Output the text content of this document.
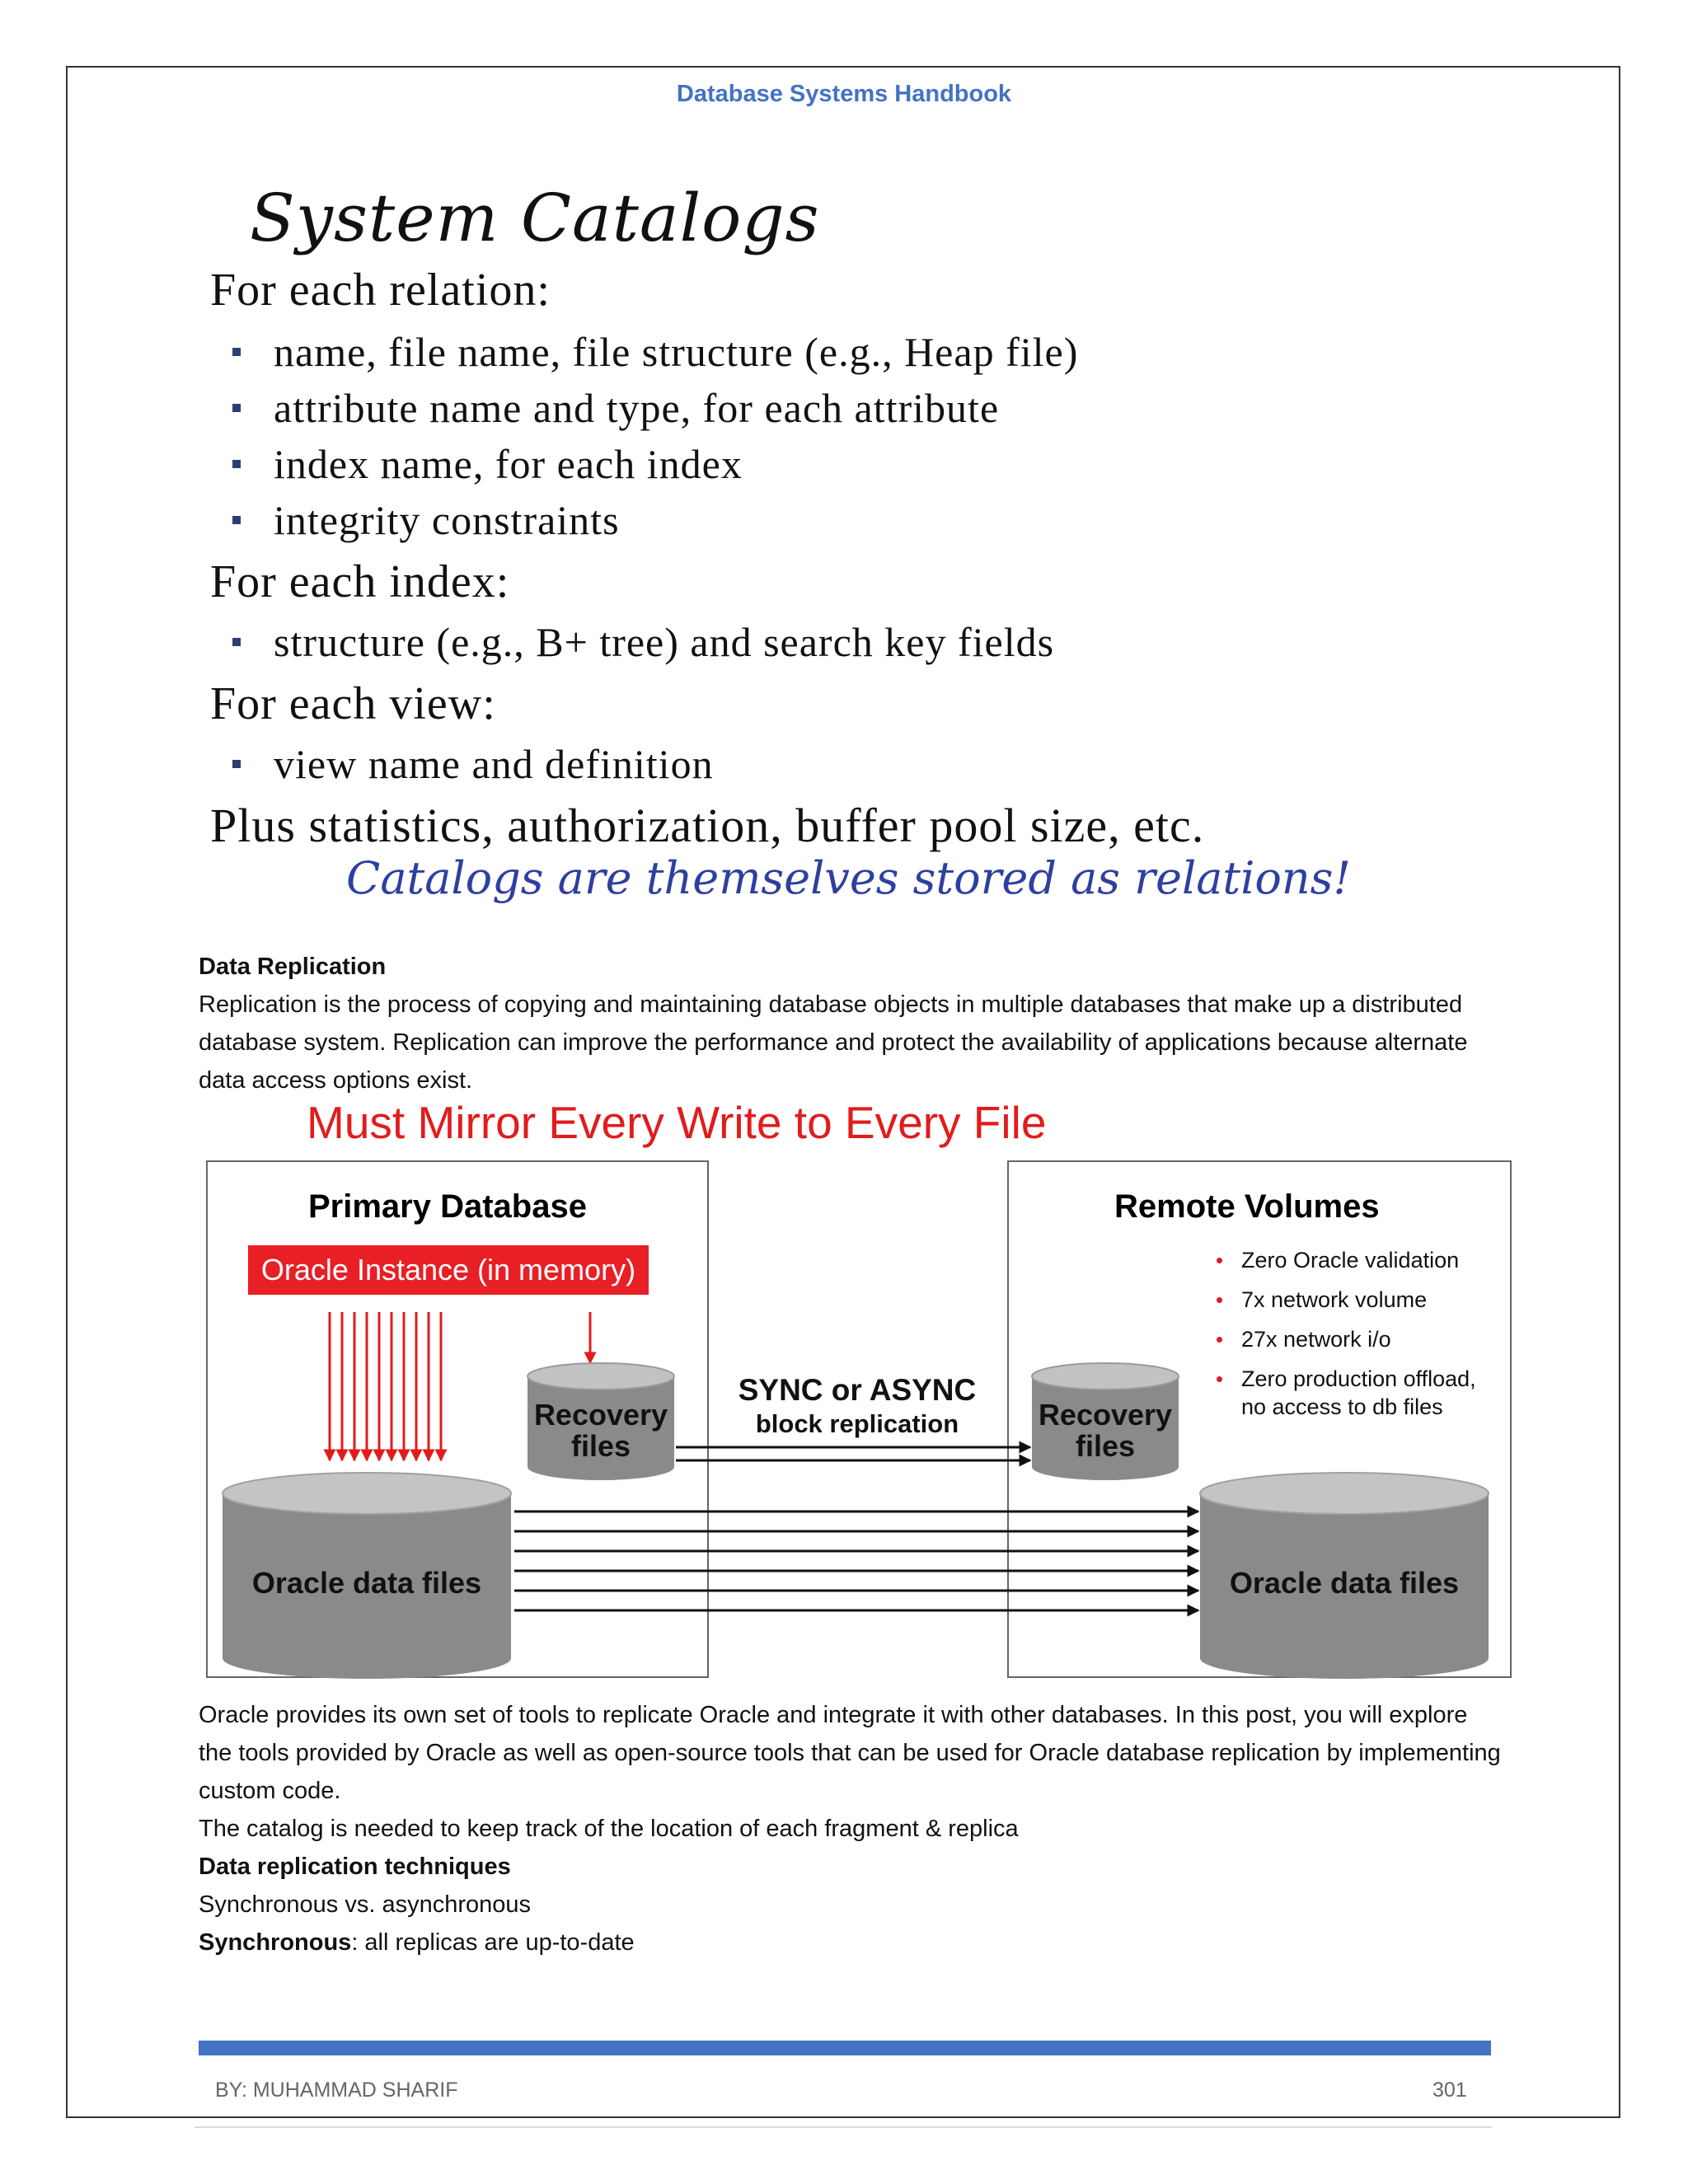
Database Systems Handbook
System Catalogs
For each relation:
name, file name, file structure (e.g., Heap file)
attribute name and type, for each attribute
index name, for each index
integrity constraints
For each index:
structure (e.g., B+ tree) and search key fields
For each view:
view name and definition
Plus statistics, authorization, buffer pool size, etc.
Catalogs are themselves stored as relations!
Data Replication
Replication is the process of copying and maintaining database objects in multiple databases that make up a distributed database system. Replication can improve the performance and protect the availability of applications because alternate data access options exist.
Must Mirror Every Write to Every File
Primary Database	Remote Volumes
Oracle Instance (in memory)
Recovery
files
Recovery
files
Oracle data files	Oracle data files
SYNC or ASYNC
block replication
Zero Oracle validation
7x network volume
27x network i/o
Zero production offload, no access to db files
Oracle provides its own set of tools to replicate Oracle and integrate it with other databases. In this post, you will explore the tools provided by Oracle as well as open-source tools that can be used for Oracle database replication by implementing custom code.
The catalog is needed to keep track of the location of each fragment & replica
Data replication techniques
Synchronous vs. asynchronous
Synchronous: all replicas are up-to-date
BY: MUHAMMAD SHARIF	301
